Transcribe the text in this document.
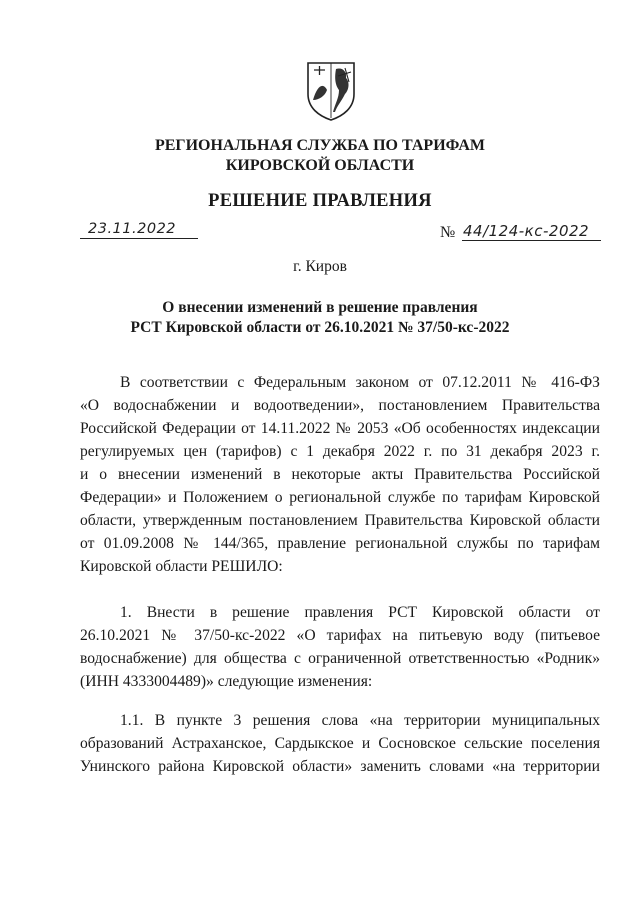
РЕГИОНАЛЬНАЯ СЛУЖБА ПО ТАРИФАМ
КИРОВСКОЙ ОБЛАСТИ
РЕШЕНИЕ ПРАВЛЕНИЯ
23.11.2022	№ 44/124-кс-2022
г. Киров
О внесении изменений в решение правления
РСТ Кировской области от 26.10.2021 № 37/50-кс-2022
В соответствии с Федеральным законом от 07.12.2011 № 416-ФЗ
«О водоснабжении и водоотведении», постановлением Правительства
Российской Федерации от 14.11.2022 № 2053 «Об особенностях индексации
регулируемых цен (тарифов) с 1 декабря 2022 г. по 31 декабря 2023 г.
и о внесении изменений в некоторые акты Правительства Российской
Федерации» и Положением о региональной службе по тарифам Кировской
области, утвержденным постановлением Правительства Кировской области
от 01.09.2008 № 144/365, правление региональной службы по тарифам
Кировской области РЕШИЛО:
1. Внести в решение правления РСТ Кировской области от
26.10.2021 № 37/50-кс-2022 «О тарифах на питьевую воду (питьевое
водоснабжение) для общества с ограниченной ответственностью «Родник»
(ИНН 4333004489)» следующие изменения:
1.1. В пункте 3 решения слова «на территории муниципальных
образований Астраханское, Сардыкское и Сосновское сельские поселения
Унинского района Кировской области» заменить словами «на территории
